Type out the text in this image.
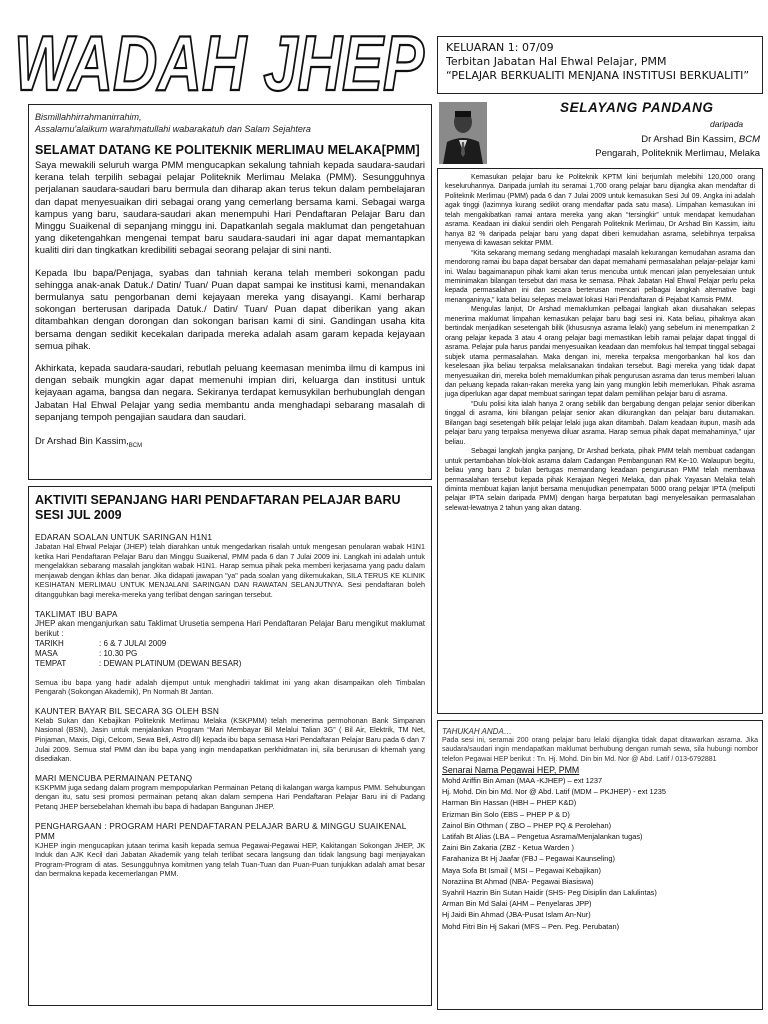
WADAH JHEP KELUARAN 1: 07/09
Terbitan Jabatan Hal Ehwal Pelajar, PMM
“PELAJAR BERKUALITI MENJANA INSTITUSI BERKUALITI”
Bismillahhirrahmanirrahim,
Assalamu'alaikum warahmatullahi wabarakatuh dan Salam Sejahtera
SELAMAT DATANG KE POLITEKNIK MERLIMAU MELAKA[PMM]

Saya mewakili seluruh warga PMM mengucapkan sekalung tahniah kepada saudara-saudari kerana telah terpilih sebagai pelajar Politeknik Merlimau Melaka (PMM). Sesungguhnya perjalanan saudara-saudari baru bermula dan diharap akan terus tekun dalam pembelajaran dan dapat menyesuaikan diri sebagai orang yang cemerlang bersama kami. Sebagai warga kampus yang baru, saudara-saudari akan menempuhi Hari Pendaftaran Pelajar Baru dan Minggu Suaikenal di sepanjang minggu ini. Dapatkanlah segala maklumat dan pengetahuan yang diketengahkan mengenai tempat baru saudara-saudari ini agar dapat memantapkan kualiti diri dan tingkatkan kredibiliti sebagai seorang pelajar di sini nanti.

Kepada Ibu bapa/Penjaga, syabas dan tahniah kerana telah memberi sokongan padu sehingga anak-anak Datuk./ Datin/ Tuan/ Puan dapat sampai ke institusi kami, menandakan bermulanya satu pengorbanan demi kejayaan mereka yang disayangi. Kami berharap sokongan berterusan daripada Datuk./ Datin/ Tuan/ Puan dapat diberikan yang akan ditambahkan dengan dorongan dan sokongan barisan kami di sini. Gandingan usaha kita bersama dengan sedikit kecekalan daripada mereka adalah asam garam kepada kejayaan semua pihak.

Akhirkata, kepada saudara-saudari, rebutlah peluang keemasan menimba ilmu di kampus ini dengan sebaik mungkin agar dapat memenuhi impian diri, keluarga dan institusi untuk kejayaan agama, bangsa dan negara. Sekiranya terdapat kemusykilan berhubunglah dengan Jabatan Hal Ehwal Pelajar yang sedia membantu anda menghadapi sebarang masalah di sepanjang tempoh pengajian saudara dan saudari.

Dr Arshad Bin $Kassim,_{BCM}$
AKTIVITI SEPANJANG HARI PENDAFTARAN PELAJAR BARU SESI JUL 2009
EDARAN SOALAN UNTUK SARINGAN H1N1

Jabatan Hal Ehwal Pelajar (JHEP) telah diarahkan untuk mengedarkan risalah untuk mengesan penularan wabak H1N1 ketika Hari Pendaftaran Pelajar Baru dan Minggu Suaikenal, PMM pada 6 dan 7 Julai 2009 ini. Langkah ini adalah untuk mengelakkan sebarang masalah jangkitan wabak H1N1. Harap semua pihak peka memberi kerjasama yang padu dalam menjawab dengan ikhlas dan benar. Jika didapati jawapan "ya" pada soalan yang dikemukakan, SILA TERUS KE KLINIK KESIHATAN MERLIMAU UNTUK MENJALANI SARINGAN DAN RAWATAN SELANJUTNYA. Sesi pendaftaran boleh ditangguhkan bagi mereka-mereka yang terlibat dengan saringan tersebut.

TAKLIMAT IBU BAPA

JHEP akan menganjurkan satu Taklimat Urusetia sempena Hari Pendaftaran Pelajar Baru mengikut maklumat berikut :

TARIKH	: 6 & 7 JULAI 2009
MASA	: 10.30 PG
TEMPAT	: DEWAN PLATINUM (DEWAN BESAR)

Semua ibu bapa yang hadir adalah dijemput untuk menghadiri taklimat ini yang akan disampaikan oleh Timbalan Pengarah (Sokongan Akademik), Pn Normah Bt Jantan.

KAUNTER BAYAR BIL SECARA 3G OLEH BSN

Kelab Sukan dan Kebajikan Politeknik Merlimau Melaka (KSKPMM) telah menerima permohonan Bank Simpanan Nasional (BSN), Jasin untuk menjalankan Program “Mari Membayar Bil Melalui Talian 3G” ( Bil Air, Elektrik, TM Net, Pinjaman, Maxis, Digi, Celcom, Sewa Beli, Astro dll) kepada ibu bapa semasa Hari Pendaftaran Pelajar Baru pada 6 dan 7 Julai 2009. Semua staf PMM dan ibu bapa yang ingin mendapatkan perkhidmatan ini, sila berurusan di khemah yang disediakan.

MARI MENCUBA PERMAINAN PETANQ

KSKPMM juga sedang dalam program mempopularkan Permainan Petanq di kalangan warga kampus PMM. Sehubungan dengan itu, satu sesi promosi permainan petanq akan dalam sempena Hari Pendaftaran Pelajar Baru ini di Padang Petanq JHEP bersebelahan khemah ibu bapa di hadapan Bangunan JHEP.

PENGHARGAAN : PROGRAM HARI PENDAFTARAN PELAJAR BARU & MINGGU SUAIKENAL PMM

KJHEP ingin mengucapkan jutaan terima kasih kepada semua Pegawai-Pegawai HEP, Kakitangan Sokongan JHEP, JK Induk dan AJK Kecil dari Jabatan Akademik yang telah terlibat secara langsung dan tidak langsung bagi menjayakan Program-Program di atas. Sesungguhnya komitmen yang telah Tuan-Tuan dan Puan-Puan tunjukkan adalah amat besar dan bermakna kepada kecemerlangan PMM.

SELAYANG PANDANG
daripada
Dr Arshad Bin Kassim, BCM
Pengarah, Politeknik Merlimau, Melaka

Kemasukan pelajar baru ke Politeknik KPTM kini berjumlah melebihi 120,000 orang keseluruhannya. Daripada jumlah itu seramai 1,700 orang pelajar baru dijangka akan mendaftar di Politeknik Merlimau (PMM) pada 6 dan 7 Julai 2009 untuk kemasukan Sesi Jul 09. Angka ini adalah agak tinggi (lazimnya kurang sedikit orang mendaftar pada satu masa). Limpahan kemasukan ini telah mengakibatkan ramai antara mereka yang akan “tersingkir” untuk mendapat kemudahan asrama. Keadaan ini diakui sendiri oleh Pengarah Politeknik Merlimau, Dr Arshad Bin Kassim, iaitu hanya 82 % daripada pelajar baru yang dapat diberi kemudahan asrama, selebihnya terpaksa menyewa di kawasan sekitar PMM.

“Kita sekarang memang sedang menghadapi masalah kekurangan kemudahan asrama dan mendorong ramai ibu bapa dapat bersabar dan dapat memahami permasalahan pelajar-pelajar kami ini. Walau bagaimanapun pihak kami akan terus mencuba untuk mencari jalan penyelesaian untuk meminimakan bilangan tersebut dari masa ke semasa. Pihak Jabatan Hal Ehwal Pelajar perlu peka kepada permasalahan ini dan secara berterusan mencari pelbagai langkah alternative bagi menanganinya,” kata beliau selepas melawat lokasi Hari Pendaftaran di Pejabat Kamsis PMM.

Mengulas lanjut, Dr Arshad memaklumkan pelbagai langkah akan diusahakan selepas menerima maklumat limpahan kemasukan pelajar baru bagi sesi ini. Kata beliau, pihaknya akan bertindak menjadikan sesetengah bilik (khususnya asrama lelaki) yang sebelum ini menempatkan 2 orang pelajar kepada 3 atau 4 orang pelajar bagi memastikan lebih ramai pelajar dapat tinggal di asrama. Pelajar pula harus pandai menyesuaikan keadaan dan memfokus hal tempat tinggal sebagai subjek utama permasalahan. Maka dengan ini, mereka terpaksa mengorbankan hal kos dan keselesaan jika beliau terpaksa melaksanakan tindakan tersebut. Bagi mereka yang tidak dapat menyesuaikan diri, mereka boleh memaklumkan pihak pengurusan asrama dan terus memberi laluan dan peluang kepada rakan-rakan mereka yang lain yang mungkin lebih memerlukan. Pihak asrama juga diperlukan agar dapat membuat saringan tepat dalam pemilihan pelajar baru di asrama.

“Dulu polisi kita ialah hanya 2 orang sebilik dan bergabung dengan pelajar senior diberikan tinggal di asrama, kini bilangan pelajar senior akan dikurangkan dan pelajar baru diutamakan. Bilangan bagi sesetengah bilik pelajar lelaki juga akan ditambah. Dalam keadaan itupun, masih ada pelajar baru yang terpaksa menyewa diluar asrama. Harap semua pihak dapat memahaminya,” ujar beliau.

Sebagai langkah jangka panjang, Dr Arshad berkata, pihak PMM telah membuat cadangan untuk pertambahan blok-blok asrama dalam Cadangan Pembangunan RM Ke-10. Walaupun begitu, beliau yang baru 2 bulan bertugas memandang keadaan pengurusan PMM telah membawa permasalahan tersebut kepada pihak Kerajaan Negeri Melaka, dan pihak Yayasan Melaka telah diminta membuat kajian lanjut bersama menujudkan penempatan 5000 orang pelajar IPTA (meliputi pelajar IPTA selain daripada PMM) dengan harga berpatutan bagi menyelesaikan permasalahan selewat-lewatnya 2 tahun yang akan datang.

TAHUKAH ANDA…

Pada sesi ini, seramai 200 orang pelajar baru lelaki dijangka tidak dapat ditawarkan asrama. Jika saudara/saudari ingin mendapatkan maklumat berhubung dengan rumah sewa, sila hubungi nombor telefon Pegawai HEP berikut : Tn. Hj. Mohd. Din bin Md. Nor @ Abd. Latif / 013-6792881

Senarai Nama Pegawai HEP, PMM
Mohd Ariffin Bin Aman (MAA -KJHEP) – ext 1237
Hj. Mohd. Din bin Md. Nor @ Abd. Latif (MDM – PKJHEP) - ext 1235
Harman Bin Hassan (HBH – PHEP K&D)
Erizman Bin Solo (EBS – PHEP P & D)
Zainol Bin Othman ( ZBO – PHEP PQ & Perolehan)
Latifah Bt Alias (LBA – Pengetua Asrama/Menjalankan tugas)
Zaini Bin Zakaria (ZBZ - Ketua Warden )
Farahaniza Bt Hj Jaafar (FBJ – Pegawai Kaunseling)
Maya Sofa Bt Ismail ( MSI – Pegawai Kebajikan)
Noraziina Bt Ahmad (NBA- Pegawai Biasiswa)
Syahril Hazrin Bin Sutan Haidir (SHS- Peg Disiplin dan Lalulintas)
Arman Bin Md Salai (AHM – Penyelaras JPP)
Hj Jaidi Bin Ahmad (JBA-Pusat Islam An-Nur)
Mohd Fitri Bin Hj Sakari (MFS – Pen. Peg. Perubatan)
